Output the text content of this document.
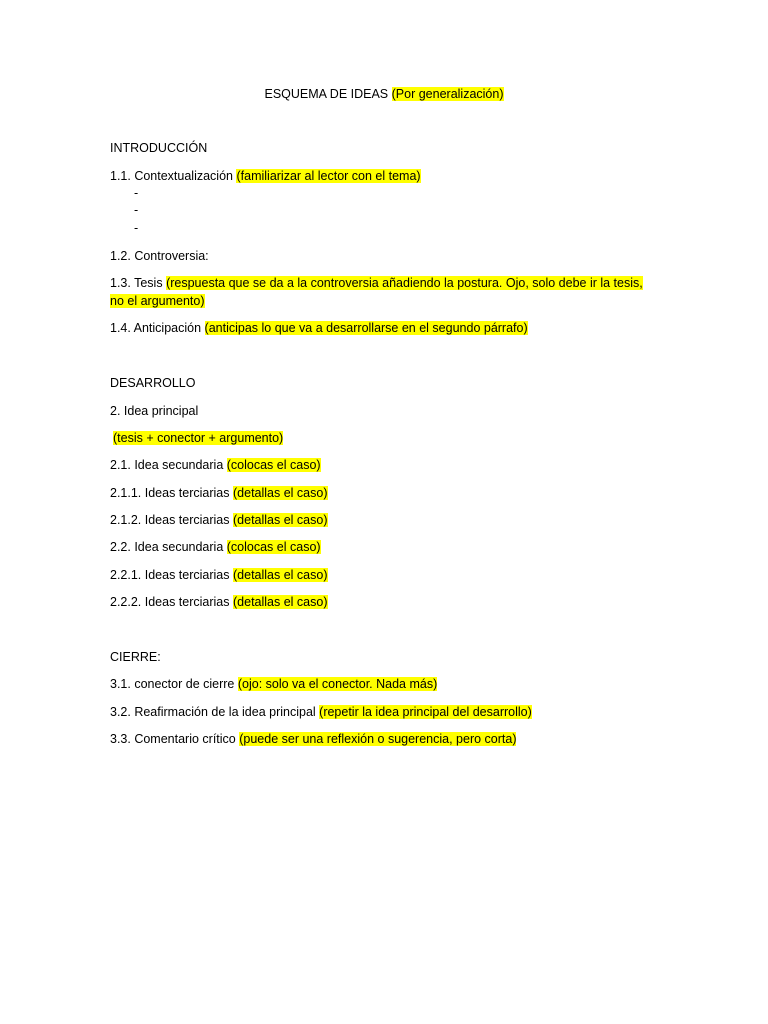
ESQUEMA DE IDEAS (Por generalización)
INTRODUCCIÓN
1.1. Contextualización (familiarizar al lector con el tema)
-
-
-
1.2. Controversia:
1.3. Tesis (respuesta que se da a la controversia añadiendo la postura. Ojo, solo debe ir la tesis,
no el argumento)
1.4. Anticipación (anticipas lo que va a desarrollarse en el segundo párrafo)
DESARROLLO
2. Idea principal
(tesis + conector + argumento)
2.1. Idea secundaria (colocas el caso)
2.1.1. Ideas terciarias (detallas el caso)
2.1.2. Ideas terciarias (detallas el caso)
2.2. Idea secundaria (colocas el caso)
2.2.1. Ideas terciarias (detallas el caso)
2.2.2. Ideas terciarias (detallas el caso)
CIERRE:
3.1. conector de cierre (ojo: solo va el conector. Nada más)
3.2. Reafirmación de la idea principal (repetir la idea principal del desarrollo)
3.3. Comentario crítico (puede ser una reflexión o sugerencia, pero corta)
